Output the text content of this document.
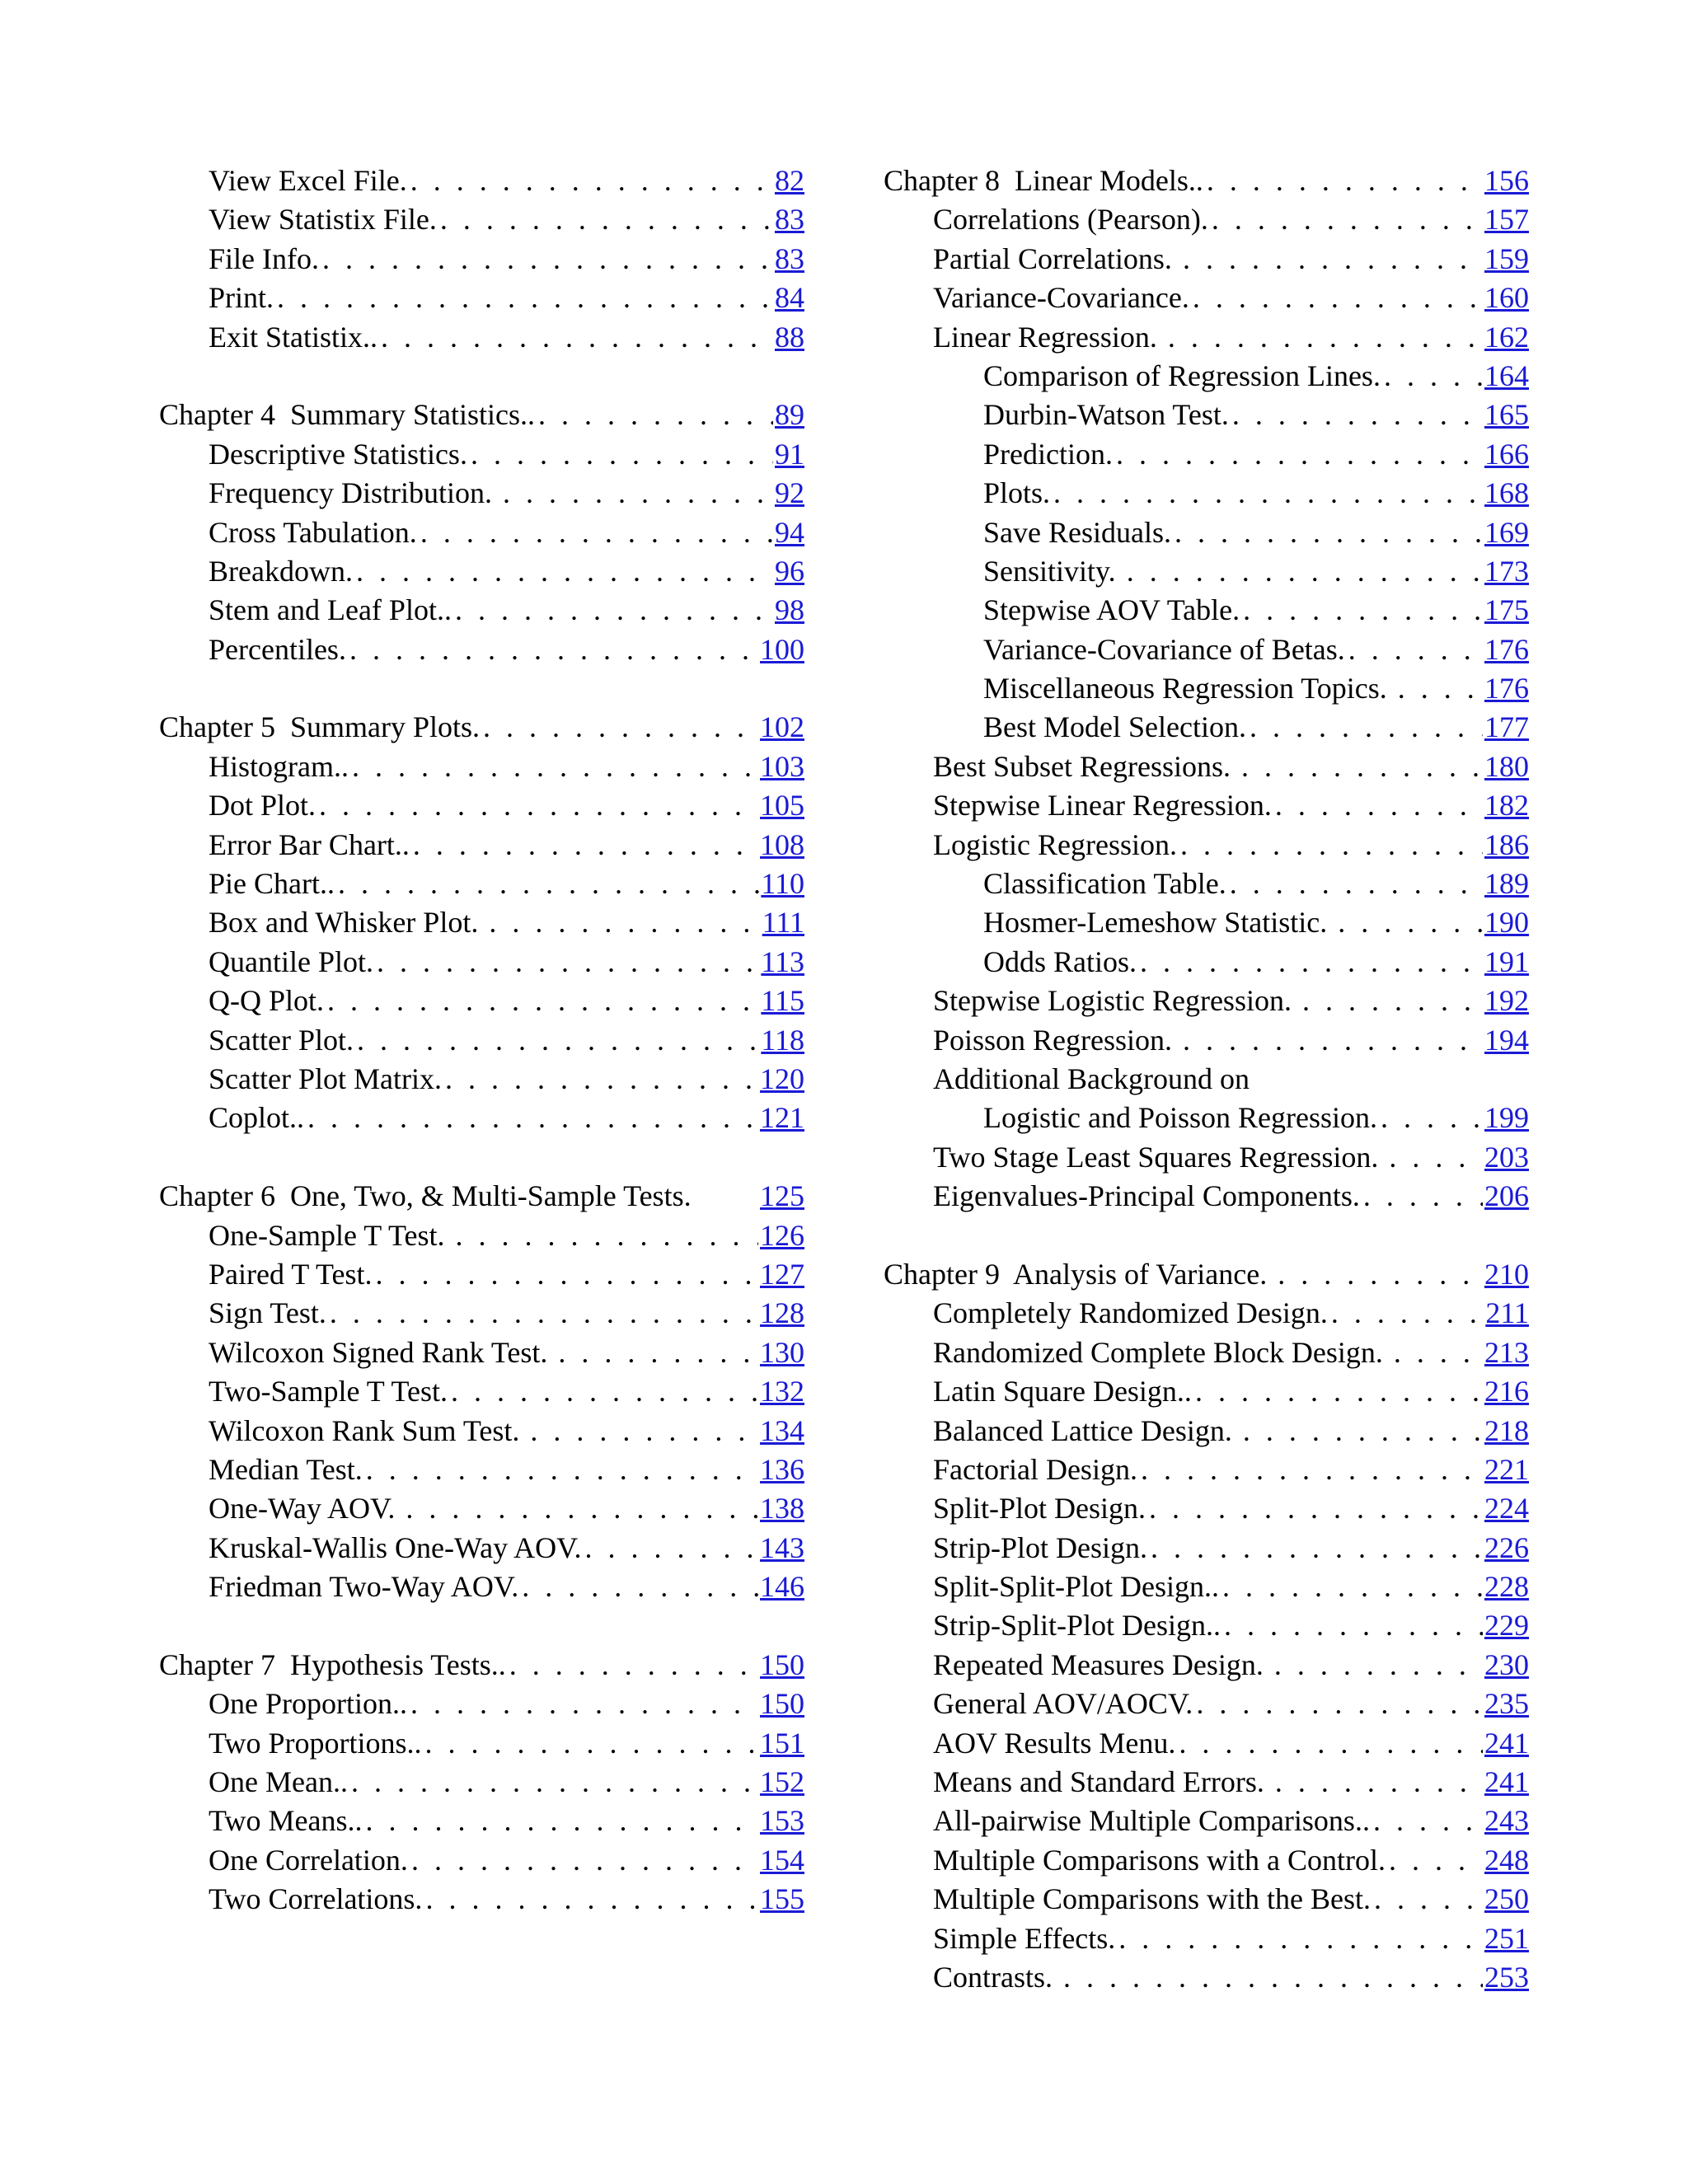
View Excel File. . . .	82
View Statistix File. . . .	83
File Info. . . .	83
Print. . . .	84
Exit Statistix.. . . .	88
Chapter 4  Summary Statistics.. . . .	89
Descriptive Statistics. . . .	91
Frequency Distribution. . . .	92
Cross Tabulation. . . .	94
Breakdown. . . .	96
Stem and Leaf Plot.. . . .	98
Percentiles. . . .	100
Chapter 5  Summary Plots. . . .	102
Histogram.. . . .	103
Dot Plot. . . .	105
Error Bar Chart.. . . .	108
Pie Chart.. . . .	110
Box and Whisker Plot. . . .	111
Quantile Plot. . . .	113
Q-Q Plot. . . .	115
Scatter Plot. . . .	118
Scatter Plot Matrix. . . .	120
Coplot.. . . .	121
Chapter 6  One, Two, & Multi-Sample Tests. 125
One-Sample T Test. . . .	126
Paired T Test. . . .	127
Sign Test. . . .	128
Wilcoxon Signed Rank Test. . . .	130
Two-Sample T Test. . . .	132
Wilcoxon Rank Sum Test. . . .	134
Median Test. . . .	136
One-Way AOV. . . .	138
Kruskal-Wallis One-Way AOV. . . .	143
Friedman Two-Way AOV. . . .	146
Chapter 7  Hypothesis Tests.. . . .	150
One Proportion.. . . .	150
Two Proportions.. . . .	151
One Mean.. . . .	152
Two Means.. . . .	153
One Correlation. . . .	154
Two Correlations. . . .	155
Chapter 8  Linear Models.. . . .	156
Correlations (Pearson). . . .	157
Partial Correlations. . . .	159
Variance-Covariance. . . .	160
Linear Regression. . . .	162
Comparison of Regression Lines. . . .	164
Durbin-Watson Test. . . .	165
Prediction. . . .	166
Plots. . . .	168
Save Residuals. . . .	169
Sensitivity. . . .	173
Stepwise AOV Table. . . .	175
Variance-Covariance of Betas. . . .	176
Miscellaneous Regression Topics. . . .	176
Best Model Selection. . . .	177
Best Subset Regressions. . . .	180
Stepwise Linear Regression. . . .	182
Logistic Regression. . . .	186
Classification Table. . . .	189
Hosmer-Lemeshow Statistic. . . .	190
Odds Ratios. . . .	191
Stepwise Logistic Regression. . . .	192
Poisson Regression. . . .	194
Additional Background on
Logistic and Poisson Regression. . . .	199
Two Stage Least Squares Regression. . . .	203
Eigenvalues-Principal Components. . . .	206
Chapter 9  Analysis of Variance. . . .	210
Completely Randomized Design. . . .	211
Randomized Complete Block Design. . . .	213
Latin Square Design.. . . .	216
Balanced Lattice Design. . . .	218
Factorial Design. . . .	221
Split-Plot Design. . . .	224
Strip-Plot Design. . . .	226
Split-Split-Plot Design.. . . .	228
Strip-Split-Plot Design.. . . .	229
Repeated Measures Design. . . .	230
General AOV/AOCV. . . .	235
AOV Results Menu. . . .	241
Means and Standard Errors. . . .	241
All-pairwise Multiple Comparisons.. . . .	243
Multiple Comparisons with a Control. . . .	248
Multiple Comparisons with the Best. . . .	250
Simple Effects. . . .	251
Contrasts. . . .	253
